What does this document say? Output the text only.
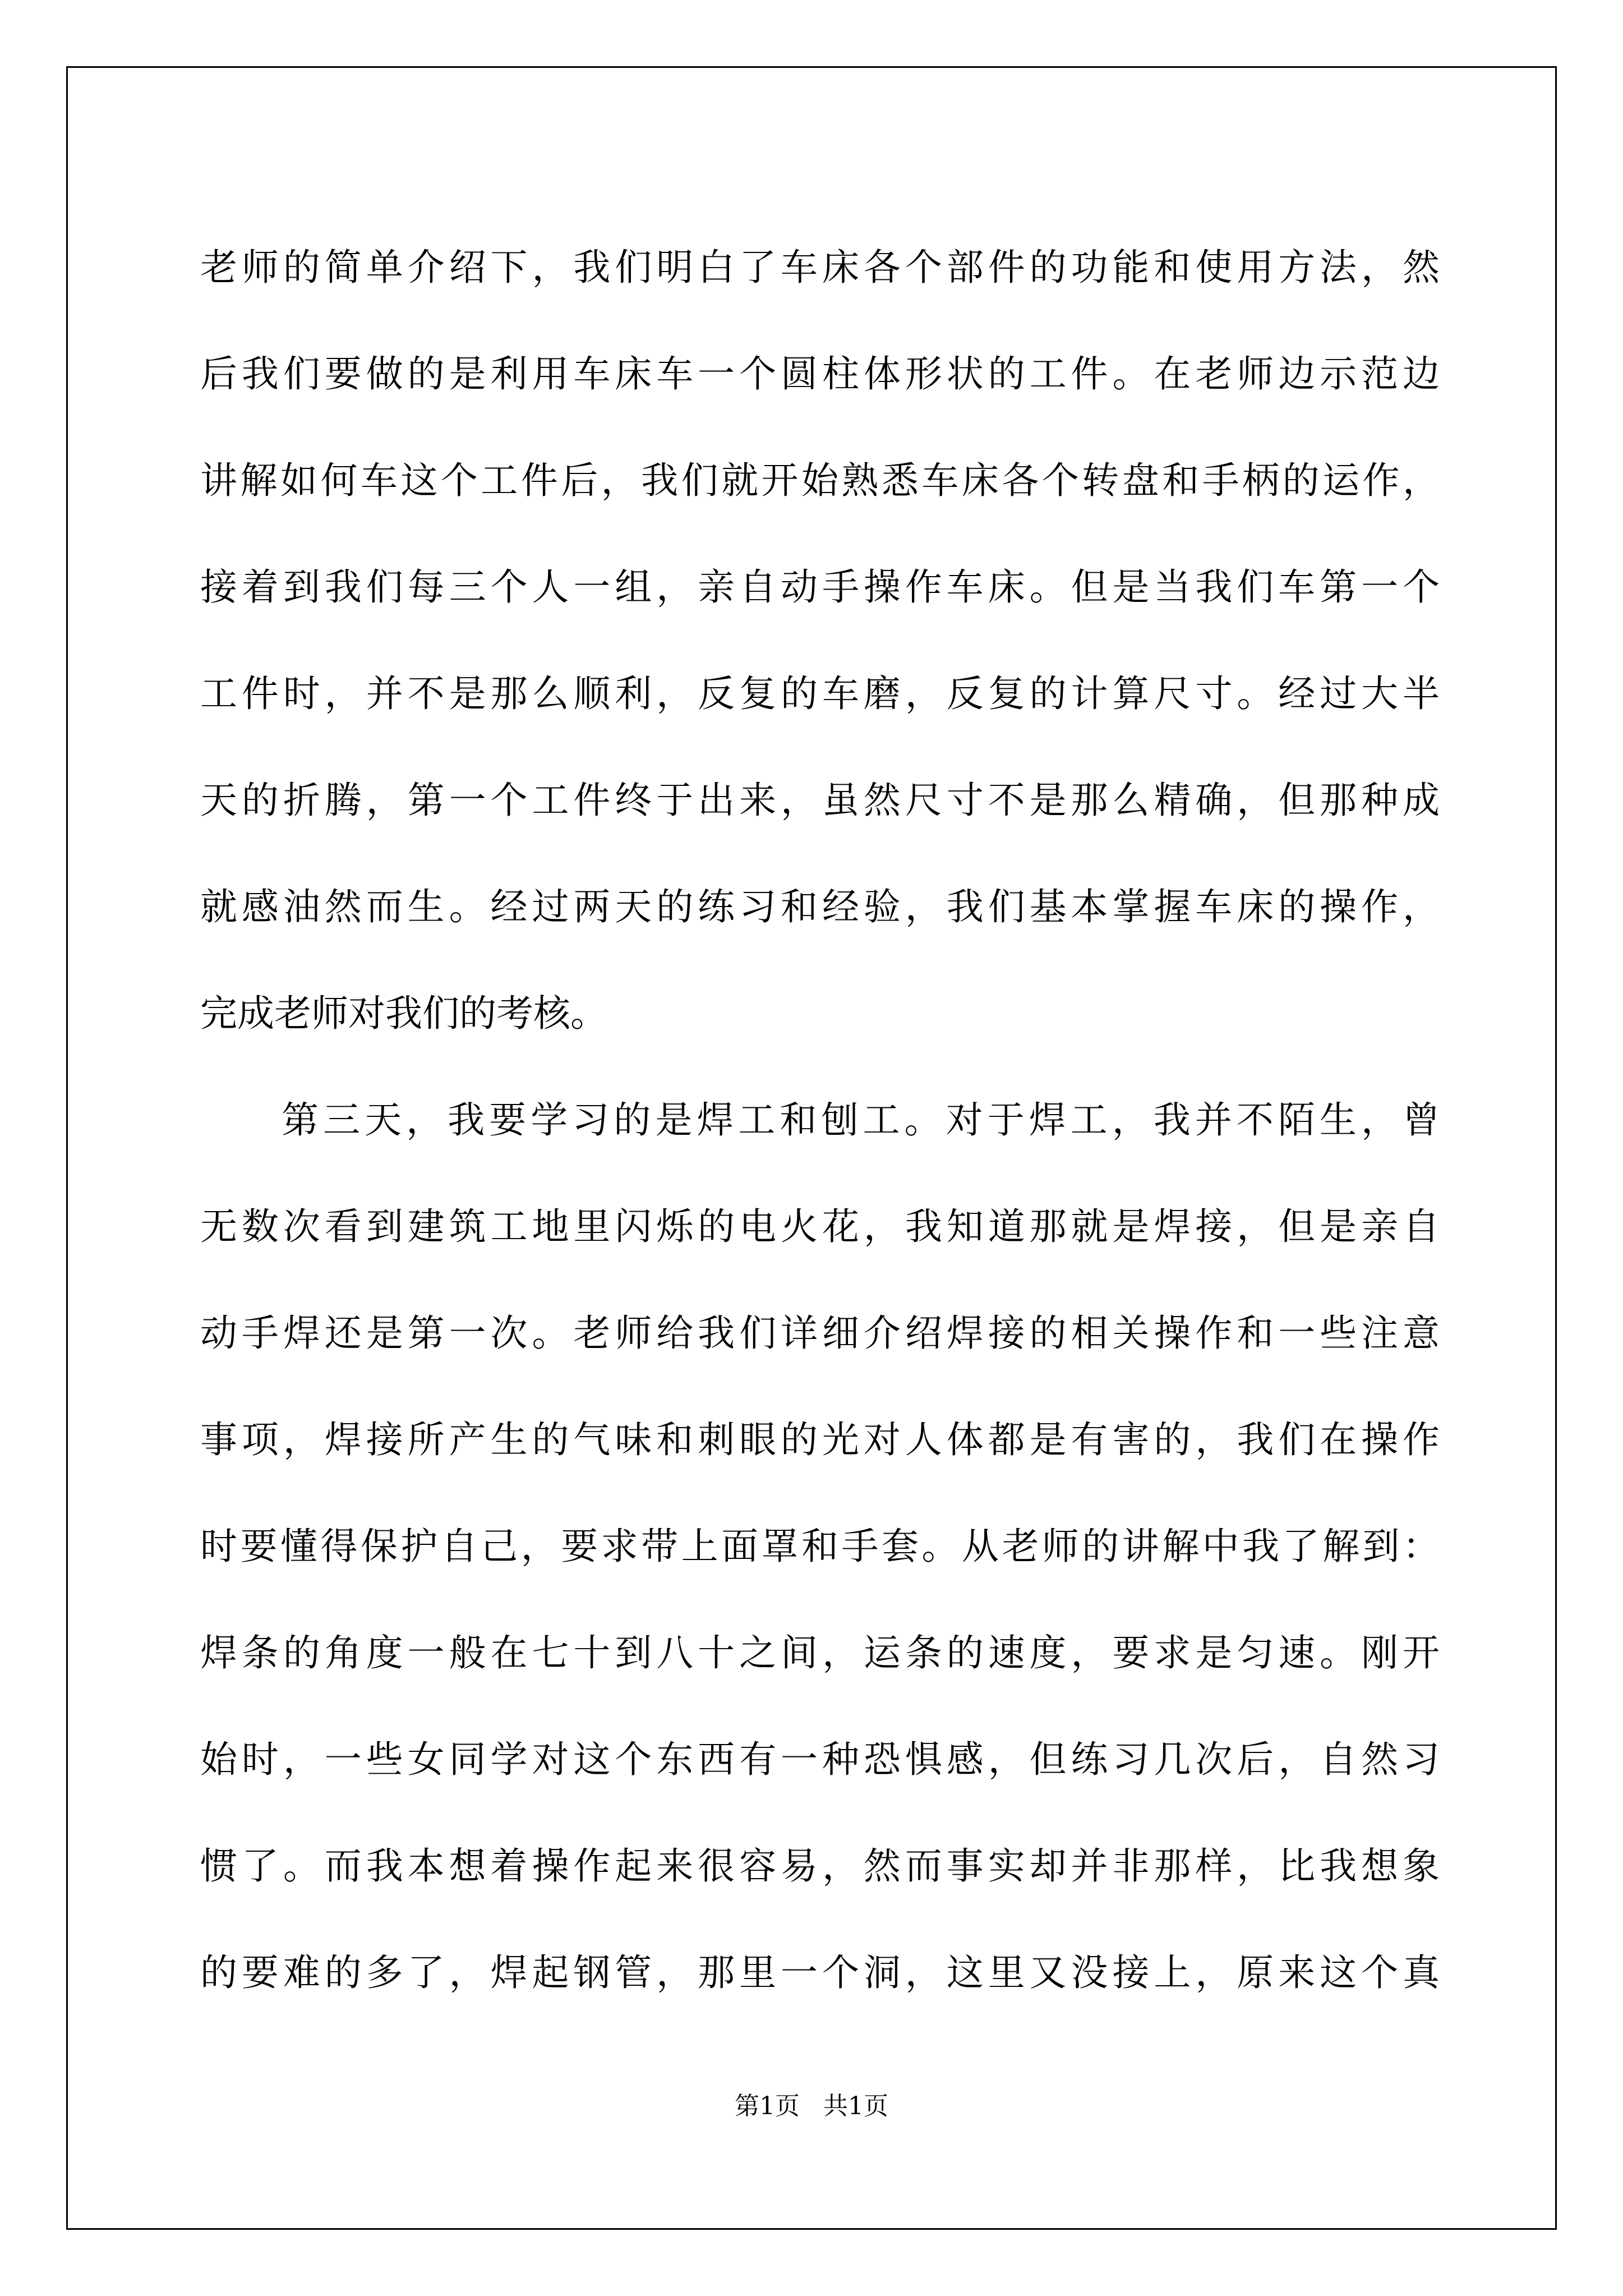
老师的简单介绍下，我们明白了车床各个部件的功能和使用方法，然
后我们要做的是利用车床车一个圆柱体形状的工件。在老师边示范边
讲解如何车这个工件后，我们就开始熟悉车床各个转盘和手柄的运作，
接着到我们每三个人一组，亲自动手操作车床。但是当我们车第一个
工件时，并不是那么顺利，反复的车磨，反复的计算尺寸。经过大半
天的折腾，第一个工件终于出来，虽然尺寸不是那么精确，但那种成
就感油然而生。经过两天的练习和经验，我们基本掌握车床的操作，
完成老师对我们的考核。
第三天，我要学习的是焊工和刨工。对于焊工，我并不陌生，曾
无数次看到建筑工地里闪烁的电火花，我知道那就是焊接，但是亲自
动手焊还是第一次。老师给我们详细介绍焊接的相关操作和一些注意
事项，焊接所产生的气味和刺眼的光对人体都是有害的，我们在操作
时要懂得保护自己，要求带上面罩和手套。从老师的讲解中我了解到：
焊条的角度一般在七十到八十之间，运条的速度，要求是匀速。刚开
始时，一些女同学对这个东西有一种恐惧感，但练习几次后，自然习
惯了。而我本想着操作起来很容易，然而事实却并非那样，比我想象
的要难的多了，焊起钢管，那里一个洞，这里又没接上，原来这个真
第1页 共1页
